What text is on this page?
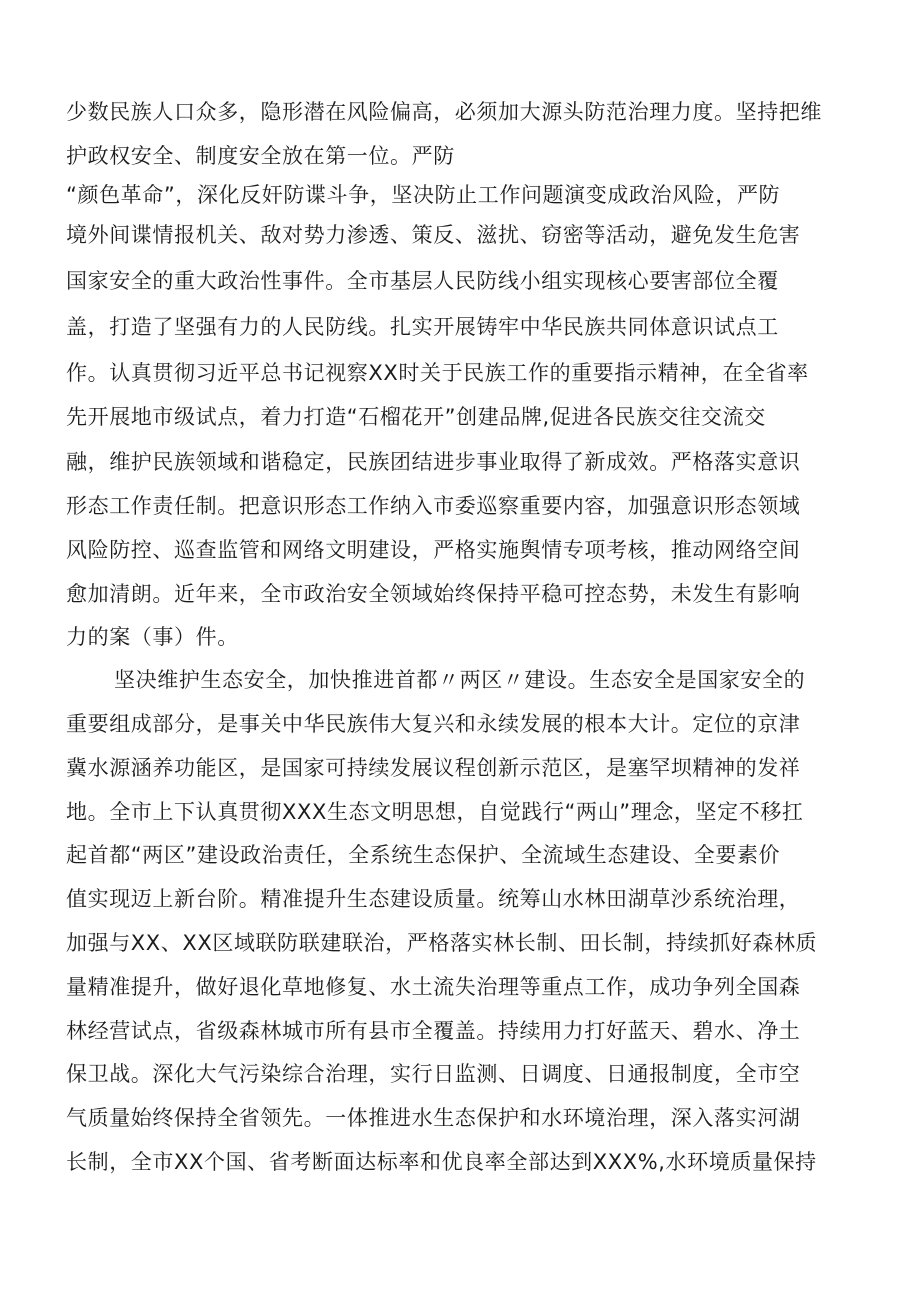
少数民族人口众多，隐形潜在风险偏高，必须加大源头防范治理力度。坚持把维
护政权安全、制度安全放在第一位。严防
“颜色革命”，深化反奸防谍斗争，坚决防止工作问题演变成政治风险，严防
境外间谍情报机关、敌对势力渗透、策反、滋扰、窃密等活动，避免发生危害
国家安全的重大政治性事件。全市基层人民防线小组实现核心要害部位全覆
盖，打造了坚强有力的人民防线。扎实开展铸牢中华民族共同体意识试点工
作。认真贯彻习近平总书记视察XX时关于民族工作的重要指示精神，在全省率
先开展地市级试点，着力打造“石榴花开”创建品牌,促进各民族交往交流交
融，维护民族领域和谐稳定，民族团结进步事业取得了新成效。严格落实意识
形态工作责任制。把意识形态工作纳入市委巡察重要内容，加强意识形态领域
风险防控、巡查监管和网络文明建设，严格实施舆情专项考核，推动网络空间
愈加清朗。近年来，全市政治安全领域始终保持平稳可控态势，未发生有影响
力的案（事）件。
坚决维护生态安全，加快推进首都〃两区〃建设。生态安全是国家安全的
重要组成部分，是事关中华民族伟大复兴和永续发展的根本大计。定位的京津
冀水源涵养功能区，是国家可持续发展议程创新示范区，是塞罕坝精神的发祥
地。全市上下认真贯彻XXX生态文明思想，自觉践行“两山”理念，坚定不移扛
起首都“两区”建设政治责任，全系统生态保护、全流域生态建设、全要素价
值实现迈上新台阶。精准提升生态建设质量。统筹山水林田湖草沙系统治理，
加强与XX、XX区域联防联建联治，严格落实林长制、田长制，持续抓好森林质
量精准提升，做好退化草地修复、水土流失治理等重点工作，成功争列全国森
林经营试点，省级森林城市所有县市全覆盖。持续用力打好蓝天、碧水、净土
保卫战。深化大气污染综合治理，实行日监测、日调度、日通报制度，全市空
气质量始终保持全省领先。一体推进水生态保护和水环境治理，深入落实河湖
长制，全市XX个国、省考断面达标率和优良率全部达到XXX%,水环境质量保持
